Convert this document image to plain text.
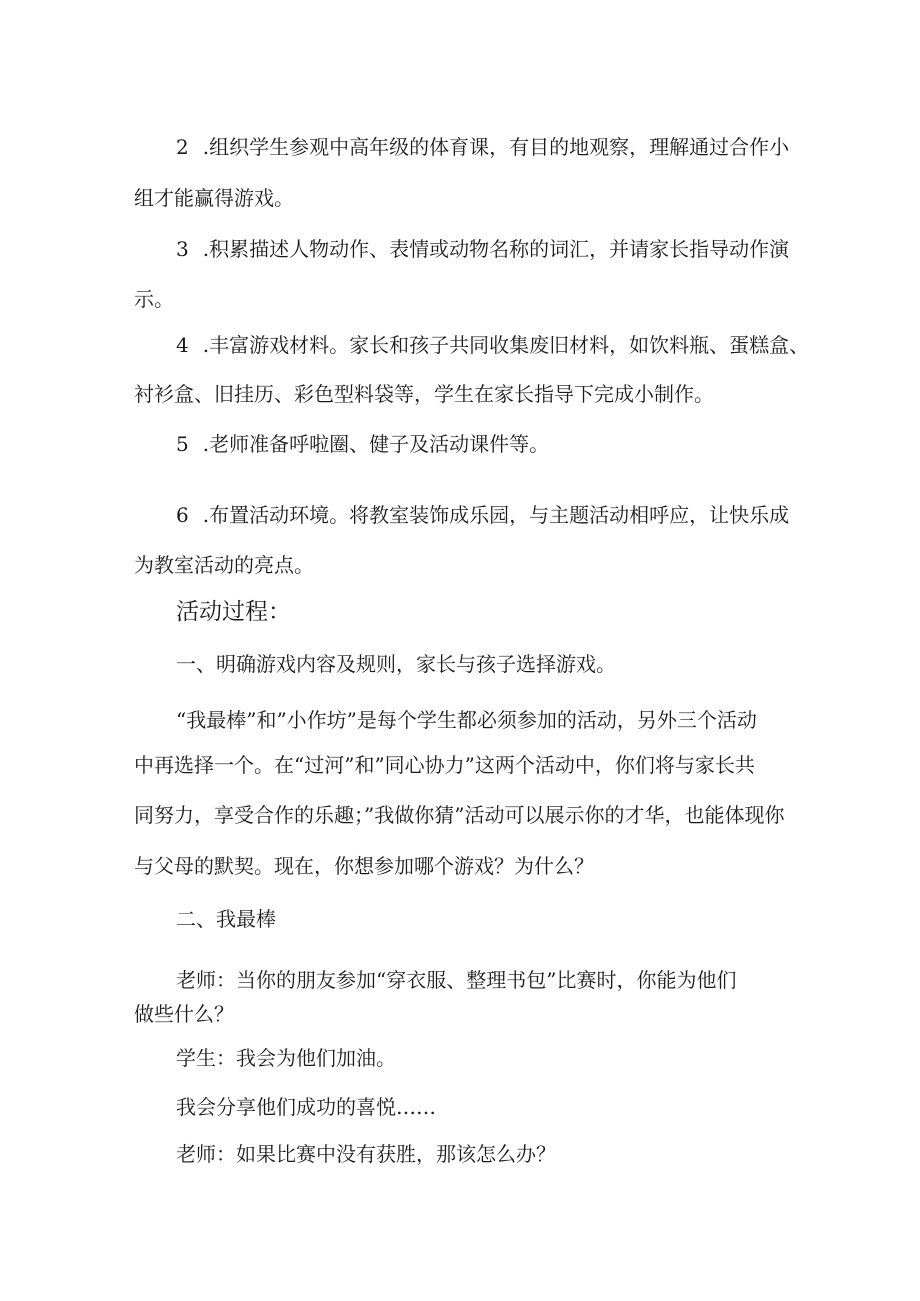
2 .组织学生参观中高年级的体育课，有目的地观察，理解通过合作小
组才能赢得游戏。
3 .积累描述人物动作、表情或动物名称的词汇，并请家长指导动作演
示。
4 .丰富游戏材料。家长和孩子共同收集废旧材料，如饮料瓶、蛋糕盒、
衬衫盒、旧挂历、彩色型料袋等，学生在家长指导下完成小制作。
5 .老师准备呼啦圈、健子及活动课件等。
6 .布置活动环境。将教室装饰成乐园，与主题活动相呼应，让快乐成
为教室活动的亮点。
活动过程：
一、明确游戏内容及规则，家长与孩子选择游戏。
“我最棒”和”小作坊”是每个学生都必须参加的活动，另外三个活动
中再选择一个。在“过河”和”同心协力”这两个活动中，你们将与家长共
同努力，享受合作的乐趣；”我做你猜”活动可以展示你的才华，也能体现你
与父母的默契。现在，你想参加哪个游戏？为什么？
二、我最棒
老师：当你的朋友参加“穿衣服、整理书包”比赛时，你能为他们
做些什么？
学生：我会为他们加油。
我会分享他们成功的喜悦……
老师：如果比赛中没有获胜，那该怎么办？
